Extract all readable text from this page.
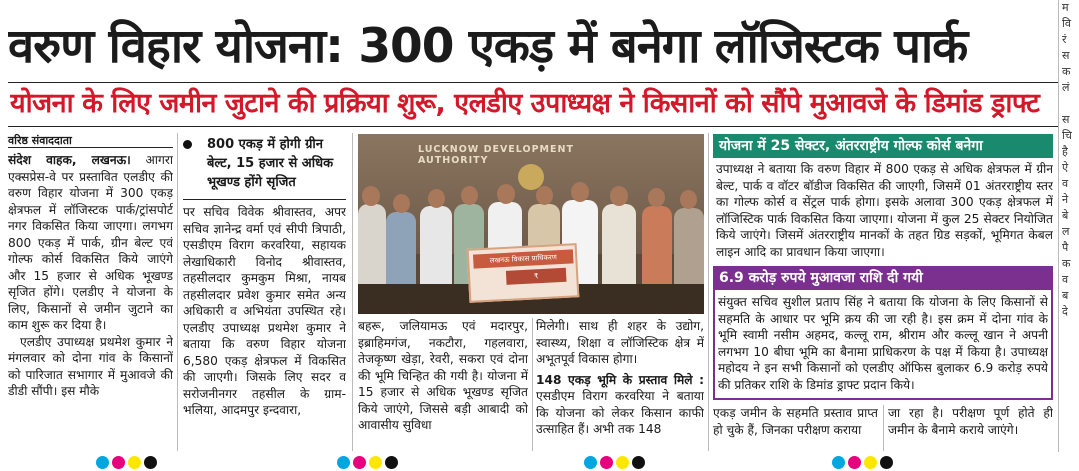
वरुण विहार योजना: 300 एकड़ में बनेगा लॉजिस्टक पार्क
योजना के लिए जमीन जुटाने की प्रक्रिया शुरू, एलडीए उपाध्यक्ष ने किसानों को सौंपे मुआवजे के डिमांड ड्राफ्ट
वरिष्ठ संवाददाता
संदेश वाहक, लखनऊ। आगरा एक्सप्रेस-वे पर प्रस्तावित एलडीए की वरुण विहार योजना में 300 एकड़ क्षेत्रफल में लॉजिस्टक पार्क/ट्रांसपोर्ट नगर विकसित किया जाएगा। लगभग 800 एकड़ में पार्क, ग्रीन बेल्ट एवं गोल्फ कोर्स विकसित किये जाएंगे और 15 हजार से अधिक भूखण्ड सृजित होंगे। एलडीए ने योजना के लिए, किसानों से जमीन जुटाने का काम शुरू कर दिया है।
एलडीए उपाध्यक्ष प्रथमेश कुमार ने मंगलवार को दोना गांव के किसानों को पारिजात सभागार में मुआवजे की डीडी सौंपी। इस मौके
800 एकड़ में होगी ग्रीन बेल्ट, 15 हजार से अधिक भूखण्ड होंगे सृजित
पर सचिव विवेक श्रीवास्तव, अपर सचिव ज्ञानेन्द्र वर्मा एवं सीपी त्रिपाठी, एसडीएम विराग करवरिया, सहायक लेखाधिकारी विनोद श्रीवास्तव, तहसीलदार कुमकुम मिश्रा, नायब तहसीलदार प्रवेश कुमार समेत अन्य अधिकारी व अभियंता उपस्थित रहे। एलडीए उपाध्यक्ष प्रथमेश कुमार ने बताया कि वरुण विहार योजना 6,580 एकड़ क्षेत्रफल में विकसित की जाएगी। जिसके लिए सदर व सरोजनीनगर तहसील के ग्राम-भलिया, आदमपुर इन्दवारा,
LUCKNOW DEVELOPMENT AUTHORITY
लखनऊ विकास प्राधिकरण
₹
बहरू, जलियामऊ एवं मदारपुर, इब्राहिमगंज, नकटौरा, गहलवारा, तेजकृष्ण खेड़ा, रेवरी, सकरा एवं दोना की भूमि चिन्हित की गयी है। योजना में 15 हजार से अधिक भूखण्ड सृजित किये जाएंगे, जिससे बड़ी आबादी को आवासीय सुविधा
मिलेगी। साथ ही शहर के उद्योग, स्वास्थ्य, शिक्षा व लॉजिस्टिक क्षेत्र में अभूतपूर्व विकास होगा।
148 एकड़ भूमि के प्रस्ताव मिले : एसडीएम विराग करवरिया ने बताया कि योजना को लेकर किसान काफी उत्साहित हैं। अभी तक 148
योजना में 25 सेक्टर, अंतरराष्ट्रीय गोल्फ कोर्स बनेगा
उपाध्यक्ष ने बताया कि वरुण विहार में 800 एकड़ से अधिक क्षेत्रफल में ग्रीन बेल्ट, पार्क व वॉटर बॉडीज विकसित की जाएगी, जिसमें 01 अंतरराष्ट्रीय स्तर का गोल्फ कोर्स व सेंट्रल पार्क होगा। इसके अलावा 300 एकड़ क्षेत्रफल में लॉजिस्टिक पार्क विकसित किया जाएगा। योजना में कुल 25 सेक्टर नियोजित किये जाएंगे। जिसमें अंतरराष्ट्रीय मानकों के तहत ग्रिड सड़कों, भूमिगत केबल लाइन आदि का प्रावधान किया जाएगा।
6.9 करोड़ रुपये मुआवजा राशि दी गयी
संयुक्त सचिव सुशील प्रताप सिंह ने बताया कि योजना के लिए किसानों से सहमति के आधार पर भूमि क्रय की जा रही है। इस क्रम में दोना गांव के भूमि स्वामी नसीम अहमद, कल्लू राम, श्रीराम और कल्लू खान ने अपनी लगभग 10 बीघा भूमि का बैनामा प्राधिकरण के पक्ष में किया है। उपाध्यक्ष महोदय ने इन सभी किसानों को एलडीए ऑफिस बुलाकर 6.9 करोड़ रुपये की प्रतिकर राशि के डिमांड ड्राफ्ट प्रदान किये।
एकड़ जमीन के सहमति प्रस्ताव प्राप्त हो चुके हैं, जिनका परीक्षण कराया
जा रहा है। परीक्षण पूर्ण होते ही जमीन के बैनामे कराये जाएंगे।
म
वि
रं
स
क
लं

स
चि
है
ऐ
व
ने
बे
ल
पै
क
व
ब
दे
